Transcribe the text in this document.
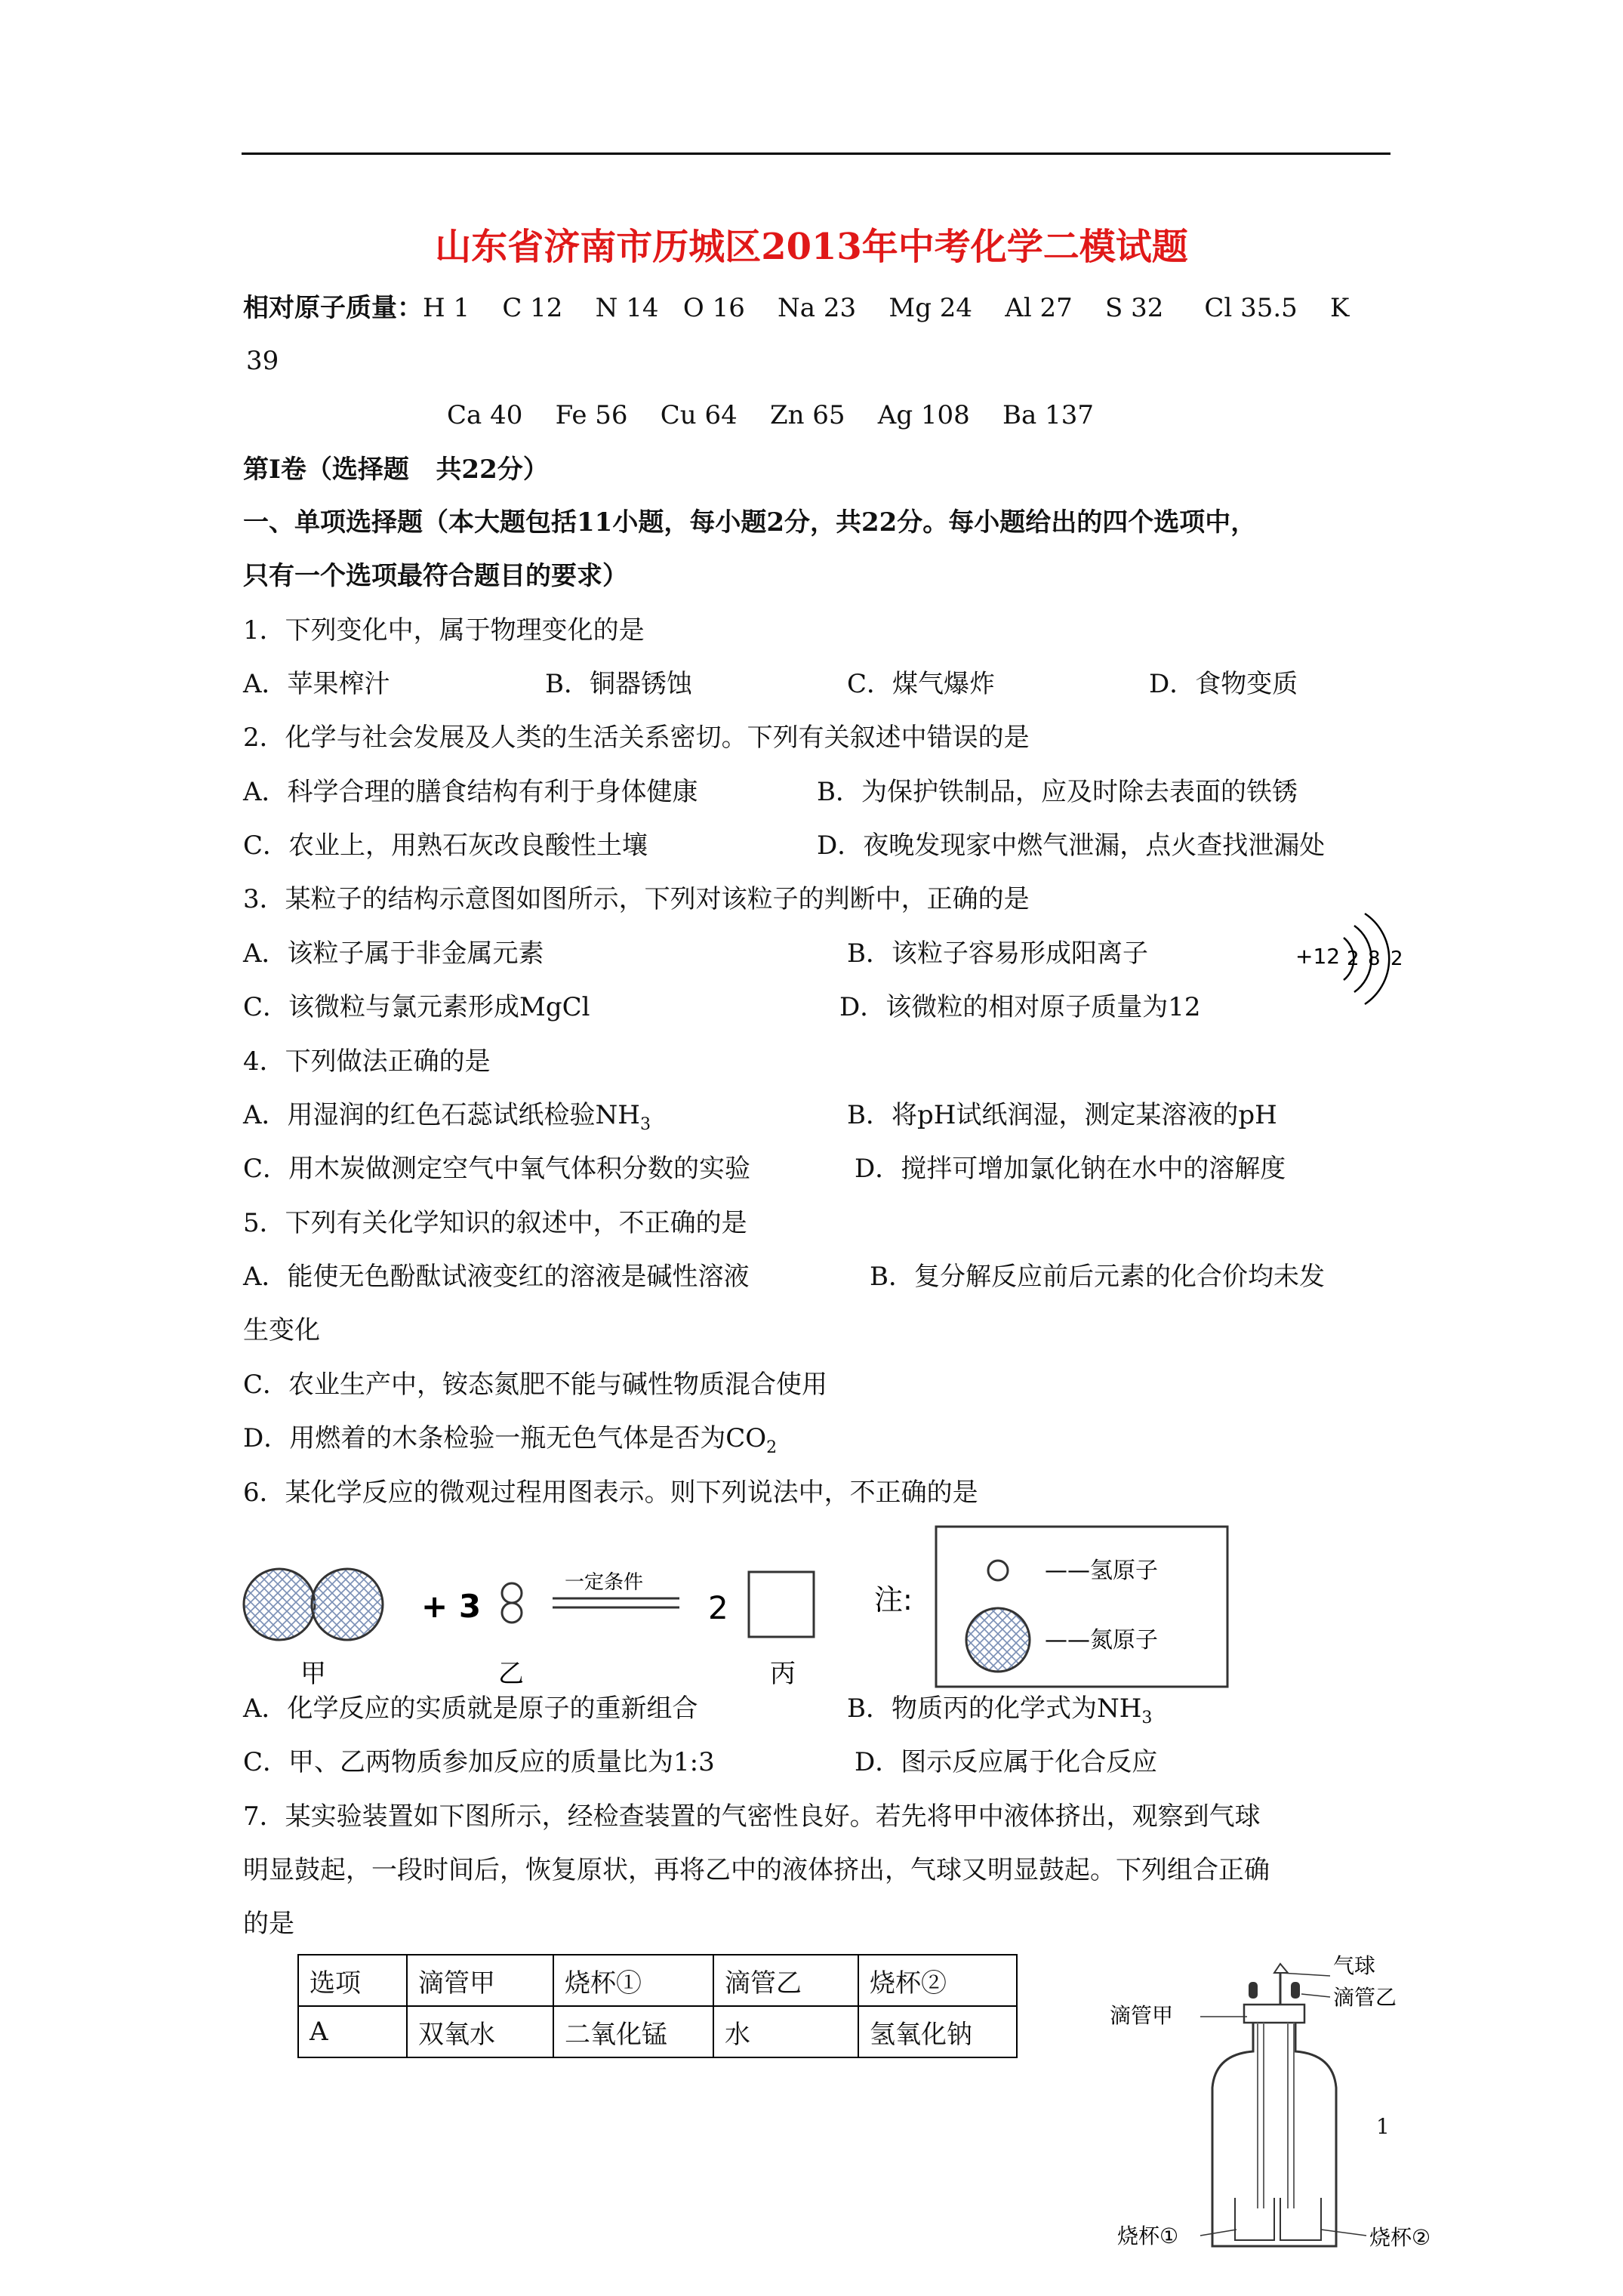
山东省济南市历城区2013年中考化学二模试题
相对原子质量：H 1    C 12    N 14   O 16    Na 23    Mg 24    Al 27    S 32     Cl 35.5    K
39
Ca 40    Fe 56    Cu 64    Zn 65    Ag 108    Ba 137
第Ⅰ卷（选择题   共22分）
一、单项选择题（本大题包括11小题，每小题2分，共22分。每小题给出的四个选项中，
只有一个选项最符合题目的要求）
1．下列变化中，属于物理变化的是
A．苹果榨汁	B．铜器锈蚀	C．煤气爆炸	D．食物变质
2．化学与社会发展及人类的生活关系密切。下列有关叙述中错误的是
A．科学合理的膳食结构有利于身体健康	B．为保护铁制品，应及时除去表面的铁锈
C．农业上，用熟石灰改良酸性土壤	D．夜晚发现家中燃气泄漏，点火查找泄漏处
3．某粒子的结构示意图如图所示，下列对该粒子的判断中，正确的是
A．该粒子属于非金属元素	B．该粒子容易形成阳离子
C．该微粒与氯元素形成MgCl	D．该微粒的相对原子质量为12
+12 2 8 2
4．下列做法正确的是
A．用湿润的红色石蕊试纸检验$NH_3$	B．将pH试纸润湿，测定某溶液的pH
C．用木炭做测定空气中氧气体积分数的实验	D．搅拌可增加氯化钠在水中的溶解度
5．下列有关化学知识的叙述中，不正确的是
A．能使无色酚酞试液变红的溶液是碱性溶液	B．复分解反应前后元素的化合价均未发
生变化
C．农业生产中，铵态氮肥不能与碱性物质混合使用
D．用燃着的木条检验一瓶无色气体是否为$CO_2$
6．某化学反应的微观过程用图表示。则下列说法中，不正确的是
甲
+ 3
乙
一定条件
2
丙
注:
——氢原子
——氮原子
A．化学反应的实质就是原子的重新组合	B．物质丙的化学式为$NH_3$
C．甲、乙两物质参加反应的质量比为1:3	D．图示反应属于化合反应
7．某实验装置如下图所示，经检查装置的气密性良好。若先将甲中液体挤出，观察到气球
明显鼓起，一段时间后，恢复原状，再将乙中的液体挤出，气球又明显鼓起。下列组合正确
的是
选项	滴管甲	烧杯①	滴管乙	烧杯②
A	双氧水	二氧化锰	水	氢氧化钠
气球
滴管甲
滴管乙
烧杯①	烧杯②
1
